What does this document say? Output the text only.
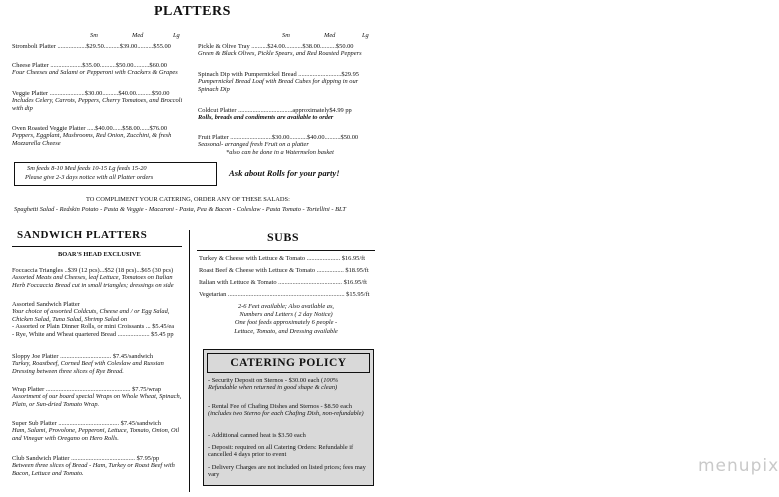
PLATTERS
Sm	Med	Lg	Sm	Med	Lg
Stromboli Platter ..................$29.50..........$39.00..........$55.00
Cheese Platter ....................$35.00..........$50.00..........$60.00
Four Cheeses and Salami or Pepperoni with Crackers & Grapes
Veggie Platter ......................$30.00..........$40.00..........$50.00
Includes Celery, Carrots, Peppers, Cherry Tomatoes, and Broccoli with dip
Oven Roasted Veggie Platter .....$40.00......$58.00......$76.00
Peppers, Eggplant, Mushrooms, Red Onion, Zucchini, & fresh Mozzarella Cheese
Pickle & Olive Tray ..........$24.00...........$38.00..........$50.00
Green & Black Olives, Pickle Spears, and Red Roasted Peppers
Spinach Dip with Pumpernickel Bread ...........................$29.95
Pumpernickel Bread Loaf with Bread Cubes for dipping in our Spinach Dip
Coldcut Platter ..................................approximately$4.99 pp
Rolls, breads and condiments are available to order
Fruit Platter ..........................$30.00...........$40.00..........$50.00
Seasonal- arranged fresh Fruit on a platter
*also can be done in a Watermelon basket
Sm feeds 8-10 Med feeds 10-15 Lg feeds 15-20
Please give 2-3 days notice with all Platter orders	Ask about Rolls for your party!
TO COMPLIMENT YOUR CATERING, ORDER ANY OF THESE SALADS:
Spaghetti Salad - Redskin Potato - Pasta & Veggie - Macaroni - Pasta, Pea & Bacon - Coleslaw - Pasta Tomato - Tortellini - BLT
SANDWICH PLATTERS
BOAR'S HEAD EXCLUSIVE
Foccaccia Triangles ..$39 (12 pcs)...$52 (18 pcs)...$65 (30 pcs)
Assorted Meats and Cheeses, leaf Lettuce, Tomatoes on Italian Herb Foccaccia Bread cut in small triangles; dressings on side
Assorted Sandwich Platter
Your choice of assorted Coldcuts, Cheese and / or Egg Salad, Chicken Salad, Tuna Salad, Shrimp Salad on
- Assorted or Plain Dinner Rolls, or mini Croissants ... $5.45/ea
- Rye, White and Wheat quartered Bread .................... $5.45 pp
Sloppy Joe Platter ................................ $7.45/sandwich
Turkey, Roastbeef, Corned Beef with Coleslaw and Russian Dressing between three slices of Rye Bread.
Wrap Platter ..................................................... $7.75/wrap
Assortment of our board special Wraps on Whole Wheat, Spinach, Plain, or Sun-dried Tomato Wrap.
Super Sub Platter ...................................... $7.45/sandwich
Ham, Salami, Provolone, Pepperoni, Lettuce, Tomato, Onion, Oil and Vinegar with Oregano on Hero Rolls.
Club Sandwich Platter ........................................ $7.95/pp
Between three slices of Bread - Ham, Turkey or Roast Beef with Bacon, Lettuce and Tomato.
SUBS
Turkey & Cheese with Lettuce & Tomato ..................... $16.95/ft
Roast Beef & Cheese with Lettuce & Tomato ................. $18.95/ft
Italian with Lettuce & Tomato ........................................ $16.95/ft
Vegetarian ......................................................................... $15.95/ft
2-6 Feet available; Also available as,
Numbers and Letters ( 2 day Notice)
One foot feeds approximately 6 people -
Lettuce, Tomato, and Dressing available
CATERING POLICY
- Security Deposit on Sternos - $30.00 each (100% Refundable when returned in good shape & clean)
- Rental Fee of Chafing Dishes and Sternos - $8.50 each (includes two Sterno for each Chafing Dish, non-refundable)
- Additional canned heat is $3.50 each
- Deposit: required on all Catering Orders: Refundable if cancelled 4 days prior to event
- Delivery Charges are not included on listed prices; fees may vary	menupix
